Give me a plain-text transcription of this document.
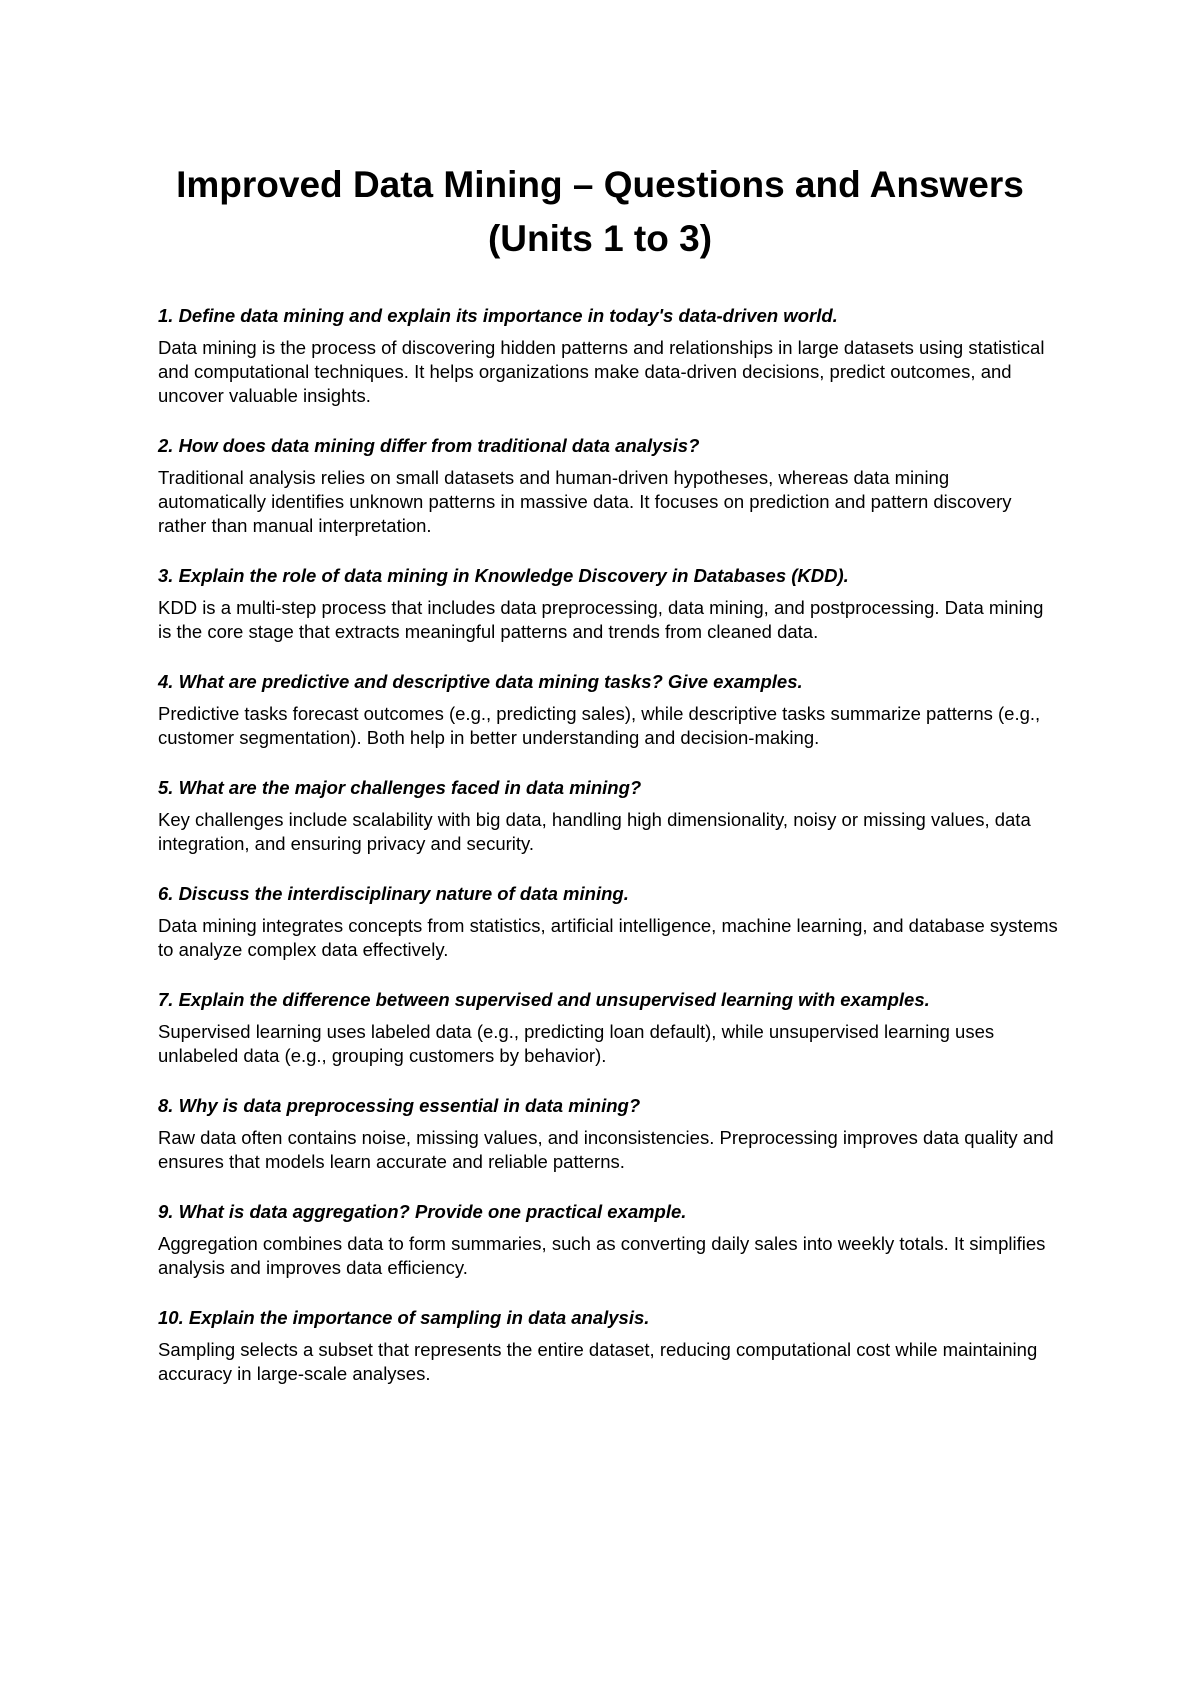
Improved Data Mining – Questions and Answers
(Units 1 to 3)

1. Define data mining and explain its importance in today's data-driven world.

Data mining is the process of discovering hidden patterns and relationships in large datasets using statistical and computational techniques. It helps organizations make data-driven decisions, predict outcomes, and uncover valuable insights.

2. How does data mining differ from traditional data analysis?

Traditional analysis relies on small datasets and human-driven hypotheses, whereas data mining automatically identifies unknown patterns in massive data. It focuses on prediction and pattern discovery rather than manual interpretation.

3. Explain the role of data mining in Knowledge Discovery in Databases (KDD).

KDD is a multi-step process that includes data preprocessing, data mining, and postprocessing. Data mining is the core stage that extracts meaningful patterns and trends from cleaned data.

4. What are predictive and descriptive data mining tasks? Give examples.

Predictive tasks forecast outcomes (e.g., predicting sales), while descriptive tasks summarize patterns (e.g., customer segmentation). Both help in better understanding and decision-making.

5. What are the major challenges faced in data mining?

Key challenges include scalability with big data, handling high dimensionality, noisy or missing values, data integration, and ensuring privacy and security.

6. Discuss the interdisciplinary nature of data mining.

Data mining integrates concepts from statistics, artificial intelligence, machine learning, and database systems to analyze complex data effectively.

7. Explain the difference between supervised and unsupervised learning with examples.

Supervised learning uses labeled data (e.g., predicting loan default), while unsupervised learning uses unlabeled data (e.g., grouping customers by behavior).

8. Why is data preprocessing essential in data mining?

Raw data often contains noise, missing values, and inconsistencies. Preprocessing improves data quality and ensures that models learn accurate and reliable patterns.

9. What is data aggregation? Provide one practical example.

Aggregation combines data to form summaries, such as converting daily sales into weekly totals. It simplifies analysis and improves data efficiency.

10. Explain the importance of sampling in data analysis.

Sampling selects a subset that represents the entire dataset, reducing computational cost while maintaining accuracy in large-scale analyses.
